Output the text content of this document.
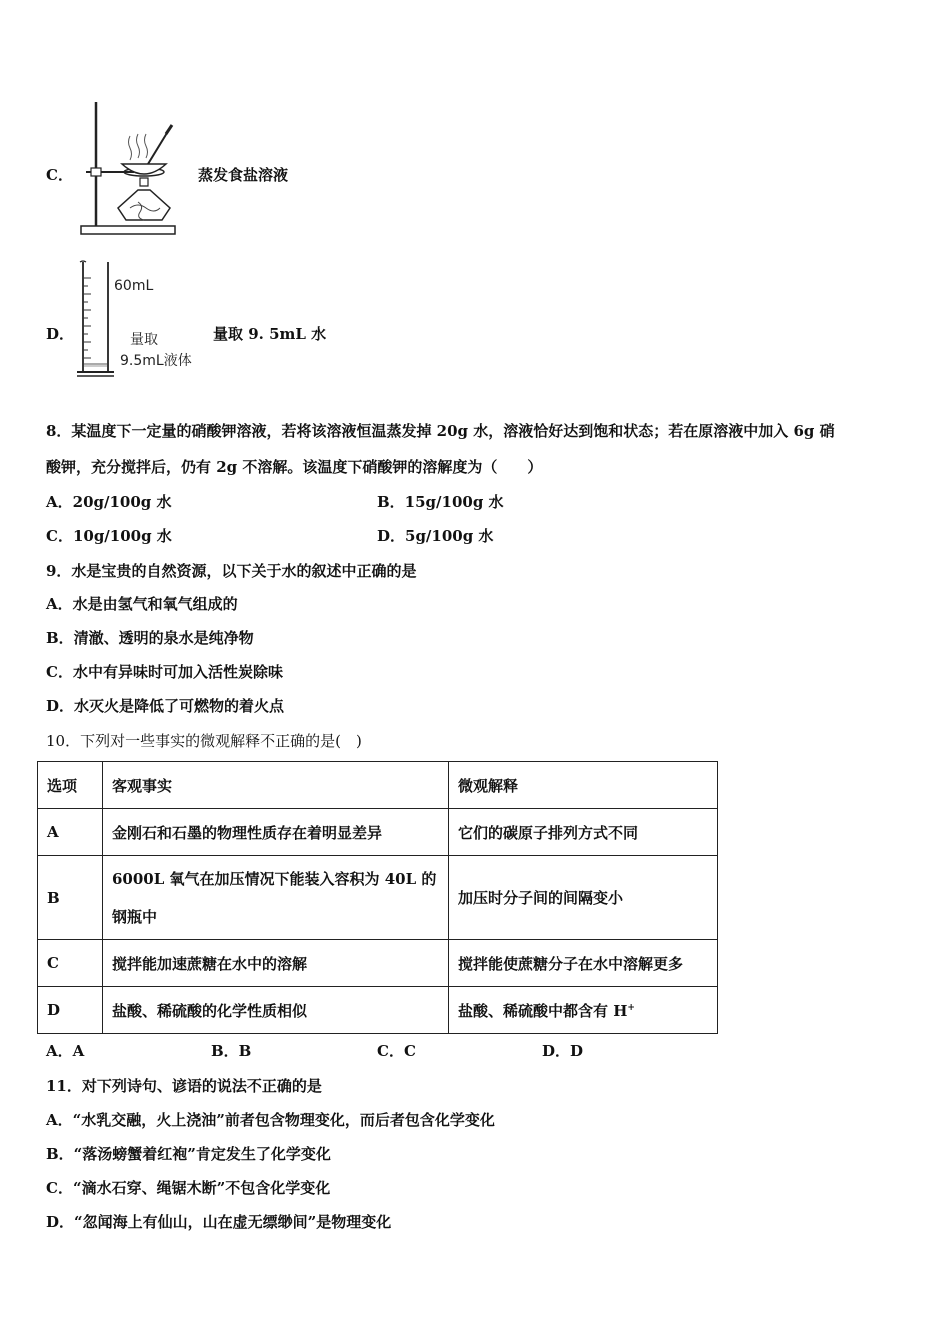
C．	蒸发食盐溶液
D．
60mL
量取
9.5mL液体
量取 9. 5mL 水
8．某温度下一定量的硝酸钾溶液，若将该溶液恒温蒸发掉 20g 水，溶液恰好达到饱和状态；若在原溶液中加入 6g 硝
酸钾，充分搅拌后，仍有 2g 不溶解。该温度下硝酸钾的溶解度为（　　）
A．20g/100g 水	B．15g/100g 水
C．10g/100g 水	D．5g/100g 水
9．水是宝贵的自然资源，以下关于水的叙述中正确的是
A．水是由氢气和氧气组成的
B．清澈、透明的泉水是纯净物
C．水中有异味时可加入活性炭除味
D．水灭火是降低了可燃物的着火点
10．下列对一些事实的微观解释不正确的是(　)
选项	客观事实	微观解释
A	金刚石和石墨的物理性质存在着明显差异	它们的碳原子排列方式不同
B	6000L 氧气在加压情况下能装入容积为 40L 的钢瓶中	加压时分子间的间隔变小
C	搅拌能加速蔗糖在水中的溶解	搅拌能使蔗糖分子在水中溶解更多
D	盐酸、稀硫酸的化学性质相似	盐酸、稀硫酸中都含有 H+
A．A	B．B	C．C	D．D
11．对下列诗句、谚语的说法不正确的是
A．“水乳交融，火上浇油”前者包含物理变化，而后者包含化学变化
B．“落汤螃蟹着红袍”肯定发生了化学变化
C．“滴水石穿、绳锯木断”不包含化学变化
D．“忽闻海上有仙山，山在虚无缥缈间”是物理变化
